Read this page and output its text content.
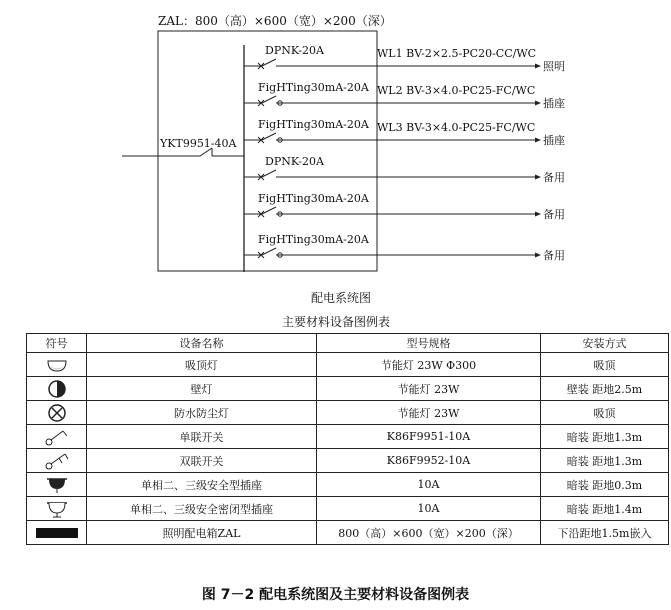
ZAL：800（高）×600（宽）×200（深）
YKT9951-40A
DPNK-20A	WL1 BV-2×2.5-PC20-CC/WC
照明
FigHTing30mA-20A WL2 BV-3×4.0-PC25-FC/WC
插座
FigHTing30mA-20A WL3 BV-3×4.0-PC25-FC/WC
插座
DPNK-20A
备用
FigHTing30mA-20A
备用
FigHTing30mA-20A
备用
配电系统图
主要材料设备图例表
符号	设备名称	型号规格	安装方式
	吸顶灯	节能灯 23W Φ300	吸顶
	壁灯	节能灯 23W	壁装 距地2.5m
	防水防尘灯	节能灯 23W	吸顶
	单联开关	K86F9951-10A	暗装 距地1.3m
	双联开关	K86F9952-10A	暗装 距地1.3m
	单相二、三级安全型插座	10A	暗装 距地0.3m
	单相二、三级安全密闭型插座	10A	暗装 距地1.4m
	照明配电箱ZAL	800（高）×600（宽）×200（深）	下沿距地1.5m嵌入
图 7－2 配电系统图及主要材料设备图例表
